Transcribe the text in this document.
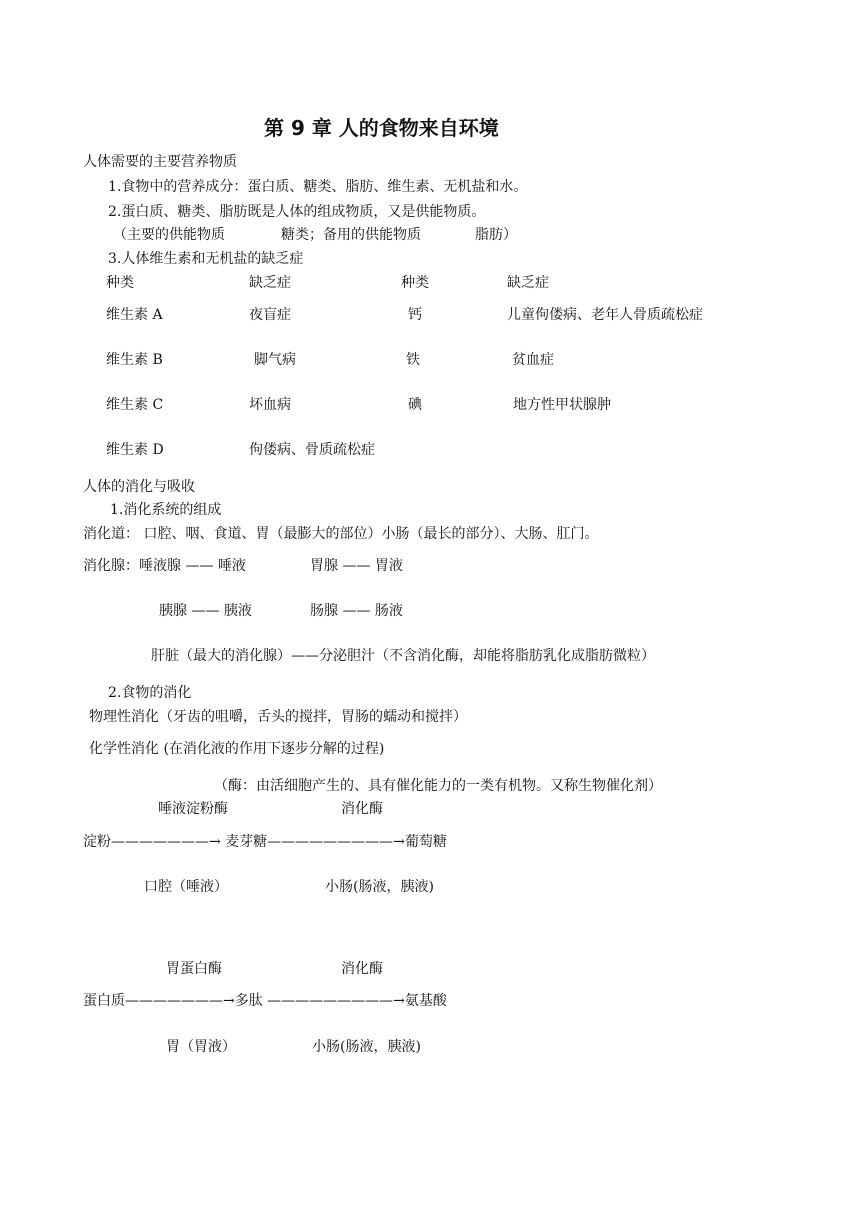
第 9 章 人的食物来自环境
人体需要的主要营养物质
1.食物中的营养成分：蛋白质、糖类、脂肪、维生素、无机盐和水。
2.蛋白质、糖类、脂肪既是人体的组成物质，又是供能物质。
（主要的供能物质	糖类；备用的供能物质	脂肪）
3.人体维生素和无机盐的缺乏症
种类	缺乏症	种类	缺乏症
维生素 A	夜盲症	钙	儿童佝偻病、老年人骨质疏松症
维生素 B	脚气病	铁	贫血症
维生素 C	坏血病	碘	地方性甲状腺肿
维生素 D	佝偻病、骨质疏松症
人体的消化与吸收
1.消化系统的组成
消化道： 口腔、咽、食道、胃（最膨大的部位）小肠（最长的部分）、大肠、肛门。
消化腺：唾液腺 —— 唾液	胃腺 —— 胃液
胰腺 —— 胰液	肠腺 —— 肠液
肝脏（最大的消化腺）——分泌胆汁（不含消化酶，却能将脂肪乳化成脂肪微粒）
2.食物的消化
物理性消化（牙齿的咀嚼，舌头的搅拌，胃肠的蠕动和搅拌）
化学性消化 (在消化液的作用下逐步分解的过程)
（酶：由活细胞产生的、具有催化能力的一类有机物。又称生物催化剂）
唾液淀粉酶	消化酶
淀粉———————→ 麦芽糖—————————→葡萄糖
口腔（唾液）	小肠(肠液，胰液)
胃蛋白酶	消化酶
蛋白质———————→多肽 —————————→氨基酸
胃（胃液）	小肠(肠液，胰液)
